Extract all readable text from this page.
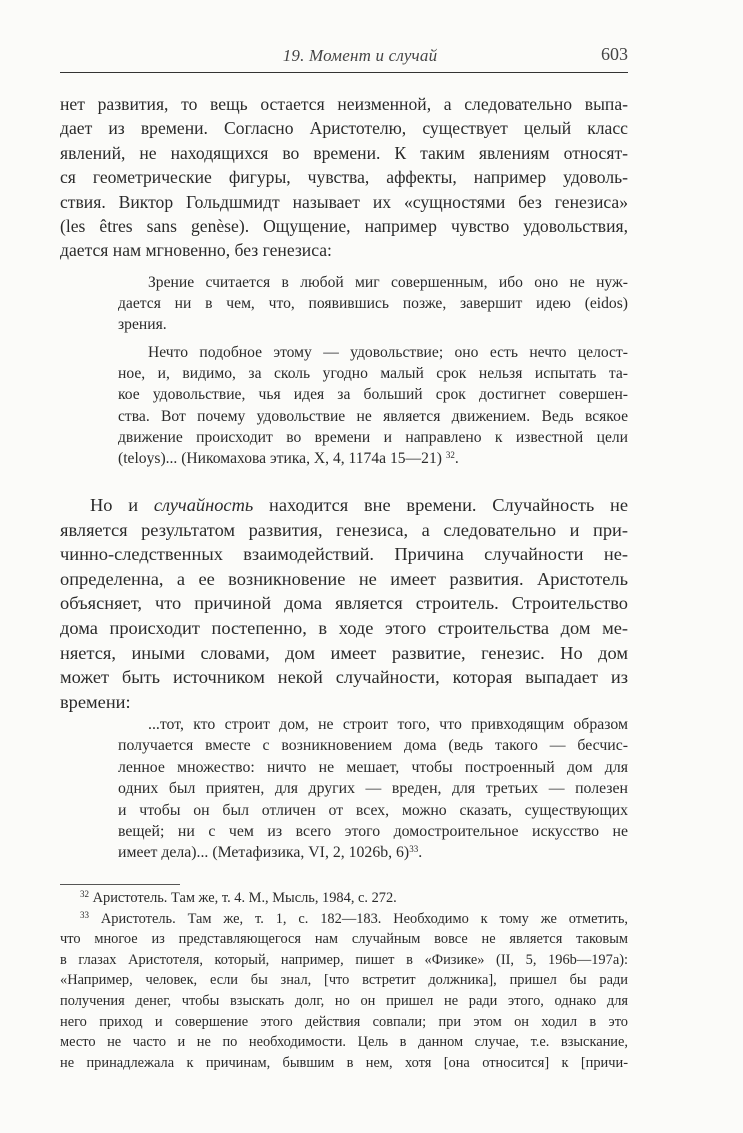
19. Момент и случай	603
нет развития, то вещь остается неизменной, а следовательно выпа-
дает из времени. Согласно Аристотелю, существует целый класс
явлений, не находящихся во времени. К таким явлениям относят-
ся геометрические фигуры, чувства, аффекты, например удоволь-
ствия. Виктор Гольдшмидт называет их «сущностями без генезиса»
(les êtres sans genèse). Ощущение, например чувство удовольствия,
дается нам мгновенно, без генезиса:
Зрение считается в любой миг совершенным, ибо оно не нуж-
дается ни в чем, что, появившись позже, завершит идею (eidos)
зрения.
Нечто подобное этому — удовольствие; оно есть нечто целост-
ное, и, видимо, за сколь угодно малый срок нельзя испытать та-
кое удовольствие, чья идея за больший срок достигнет совершен-
ства. Вот почему удовольствие не является движением. Ведь всякое
движение происходит во времени и направлено к известной цели
(teloys)... (Никомахова этика, X, 4, 1174a 15—21) $^{32}$.
Но и случайность находится вне времени. Случайность не
является результатом развития, генезиса, а следовательно и при-
чинно-следственных взаимодействий. Причина случайности не-
определенна, а ее возникновение не имеет развития. Аристотель
объясняет, что причиной дома является строитель. Строительство
дома происходит постепенно, в ходе этого строительства дом ме-
няется, иными словами, дом имеет развитие, генезис. Но дом
может быть источником некой случайности, которая выпадает из
времени:
...тот, кто строит дом, не строит того, что привходящим образом
получается вместе с возникновением дома (ведь такого — бесчис-
ленное множество: ничто не мешает, чтобы построенный дом для
одних был приятен, для других — вреден, для третьих — полезен
и чтобы он был отличен от всех, можно сказать, существующих
вещей; ни с чем из всего этого домостроительное искусство не
имеет дела)... (Метафизика, VI, 2, 1026b, 6)$^{33}$.
$^{32}$ Аристотель. Там же, т. 4. М., Мысль, 1984, с. 272.
$^{33}$ Аристотель. Там же, т. 1, с. 182—183. Необходимо к тому же отметить,
что многое из представляющегося нам случайным вовсе не является таковым
в глазах Аристотеля, который, например, пишет в «Физике» (II, 5, 196b—197a):
«Например, человек, если бы знал, [что встретит должника], пришел бы ради
получения денег, чтобы взыскать долг, но он пришел не ради этого, однако для
него приход и совершение этого действия совпали; при этом он ходил в это
место не часто и не по необходимости. Цель в данном случае, т.е. взыскание,
не принадлежала к причинам, бывшим в нем, хотя [она относится] к [причи-
